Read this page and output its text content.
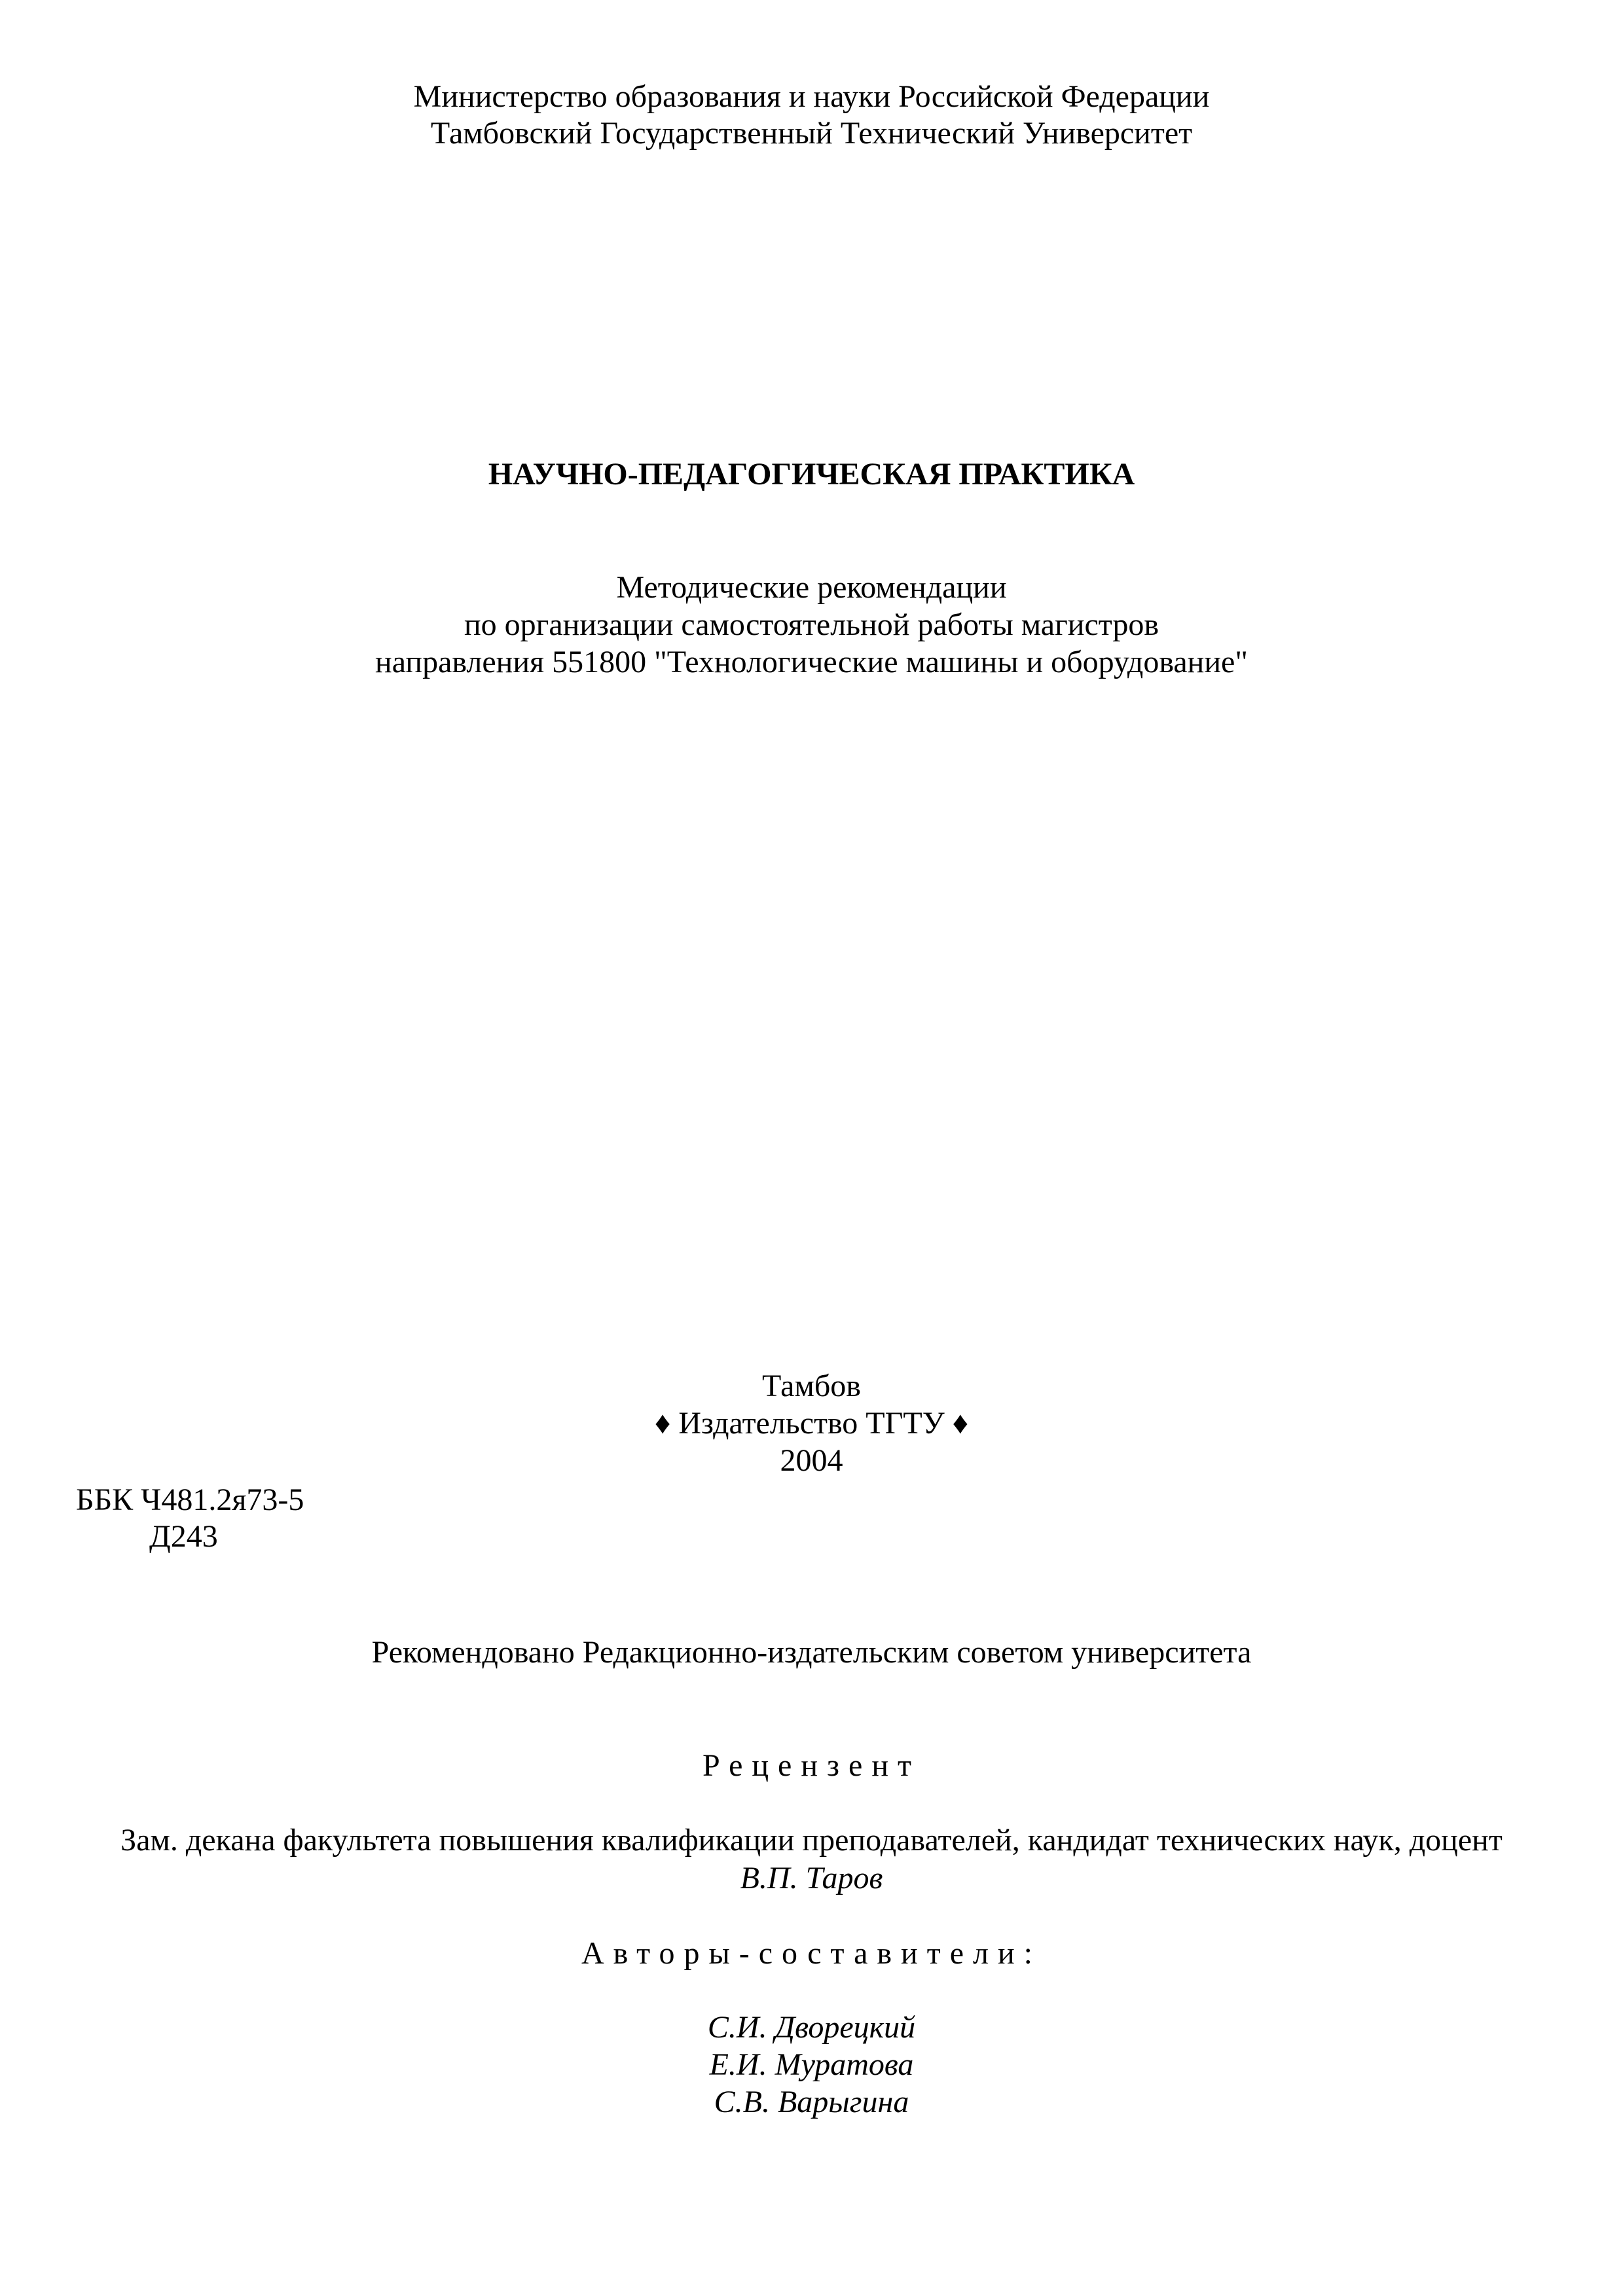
Министерство образования и науки Российской Федерации
Тамбовский Государственный Технический Университет
НАУЧНО-ПЕДАГОГИЧЕСКАЯ ПРАКТИКА
Методические рекомендации
по организации самостоятельной работы магистров
направления 551800 "Технологические машины и оборудование"
Тамбов
♦ Издательство ТГТУ ♦
2004
ББК Ч481.2я73-5
Д243
Рекомендовано Редакционно-издательским советом университета
Рецензент
Зам. декана факультета повышения квалификации преподавателей, кандидат технических наук, доцент
В.П. Таров
Авторы-составители:
С.И. Дворецкий
Е.И. Муратова
С.В. Варыгина
